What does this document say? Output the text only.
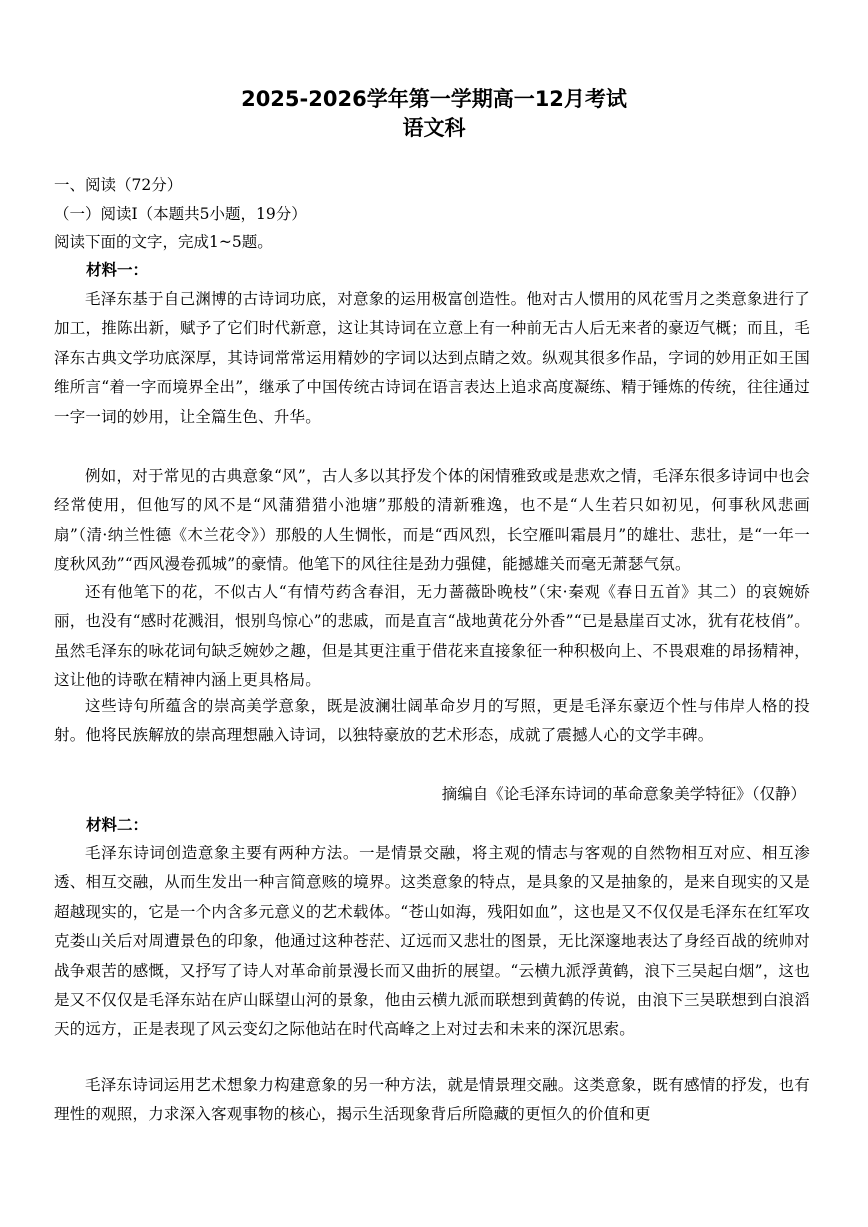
2025-2026学年第一学期高一12月考试
语文科
一、阅读（72分）
（一）阅读Ⅰ（本题共5小题，19分）
阅读下面的文字，完成1~5题。
材料一：
毛泽东基于自己渊博的古诗词功底，对意象的运用极富创造性。他对古人惯用的风花雪月之类意象进行了加工，推陈出新，赋予了它们时代新意，这让其诗词在立意上有一种前无古人后无来者的豪迈气概；而且，毛泽东古典文学功底深厚，其诗词常常运用精妙的字词以达到点睛之效。纵观其很多作品，字词的妙用正如王国维所言“着一字而境界全出”，继承了中国传统古诗词在语言表达上追求高度凝练、精于锤炼的传统，往往通过一字一词的妙用，让全篇生色、升华。
例如，对于常见的古典意象“风”，古人多以其抒发个体的闲情雅致或是悲欢之情，毛泽东很多诗词中也会经常使用，但他写的风不是“风蒲猎猎小池塘”那般的清新雅逸，也不是“人生若只如初见，何事秋风悲画扇”（清·纳兰性德《木兰花令》）那般的人生惆怅，而是“西风烈，长空雁叫霜晨月”的雄壮、悲壮，是“一年一度秋风劲”“西风漫卷孤城”的豪情。他笔下的风往往是劲力强健，能撼雄关而毫无萧瑟气氛。
还有他笔下的花，不似古人“有情芍药含春泪，无力蔷薇卧晚枝”（宋·秦观《春日五首》其二）的哀婉娇丽，也没有“感时花溅泪，恨别鸟惊心”的悲戚，而是直言“战地黄花分外香”“已是悬崖百丈冰，犹有花枝俏”。虽然毛泽东的咏花词句缺乏婉妙之趣，但是其更注重于借花来直接象征一种积极向上、不畏艰难的昂扬精神，这让他的诗歌在精神内涵上更具格局。
这些诗句所蕴含的崇高美学意象，既是波澜壮阔革命岁月的写照，更是毛泽东豪迈个性与伟岸人格的投射。他将民族解放的崇高理想融入诗词，以独特豪放的艺术形态，成就了震撼人心的文学丰碑。
摘编自《论毛泽东诗词的革命意象美学特征》（仅静）
材料二：
毛泽东诗词创造意象主要有两种方法。一是情景交融，将主观的情志与客观的自然物相互对应、相互渗透、相互交融，从而生发出一种言简意赅的境界。这类意象的特点，是具象的又是抽象的，是来自现实的又是超越现实的，它是一个内含多元意义的艺术载体。“苍山如海，残阳如血”，这也是又不仅仅是毛泽东在红军攻克娄山关后对周遭景色的印象，他通过这种苍茫、辽远而又悲壮的图景，无比深邃地表达了身经百战的统帅对战争艰苦的感慨，又抒写了诗人对革命前景漫长而又曲折的展望。“云横九派浮黄鹤，浪下三吴起白烟”，这也是又不仅仅是毛泽东站在庐山睬望山河的景象，他由云横九派而联想到黄鹤的传说，由浪下三吴联想到白浪滔天的远方，正是表现了风云变幻之际他站在时代高峰之上对过去和未来的深沉思索。
毛泽东诗词运用艺术想象力构建意象的另一种方法，就是情景理交融。这类意象，既有感情的抒发，也有理性的观照，力求深入客观事物的核心，揭示生活现象背后所隐藏的更恒久的价值和更
